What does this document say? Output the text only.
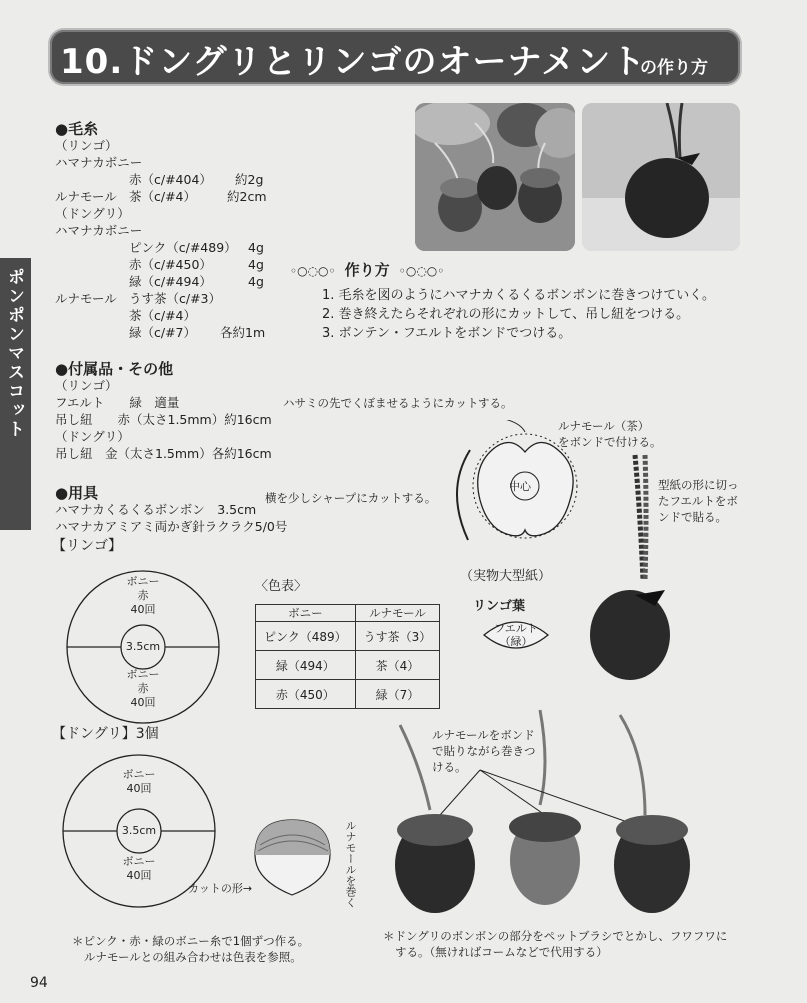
10.ドングリとリンゴのオーナメント
の作り方
ポンポンマスコット
●毛糸
（リンゴ）
ハマナカボニー
赤（c/#404） 約2g
ルナモール 茶（c/#4） 約2cm
（ドングリ）
ハマナカボニー
ピンク（c/#489） 4g
赤（c/#450）	4g
緑（c/#494）	4g
ルナモール うす茶（c/#3）
茶（c/#4）
緑（c/#7） 各約1m
●付属品・その他
（リンゴ）
フエルト　　緑　適量
吊し紐　　赤（太さ1.5mm）約16cm
（ドングリ）
吊し紐　金（太さ1.5mm）各約16cm
●用具
ハマナカくるくるボンボン　3.5cm
ハマナカアミアミ両かぎ針ラクラク5/0号
◦○◌○◦ 作り方 ◦○◌○◦
1. 毛糸を図のようにハマナカくるくるボンボンに巻きつけていく。
2. 巻き終えたらそれぞれの形にカットして、吊し紐をつける。
3. ボンテン・フエルトをボンドでつける。
中心
ハサミの先でくぼませるようにカットする。
横を少しシャープにカットする。
（実物大型紙）
リンゴ葉
フエルト
（緑）
ルナモール（茶）
をボンドで付ける。
型紙の形に切っ
たフエルトをボ
ンドで貼る。
【リンゴ】
ボニー
赤
40回
3.5cm
ボニー
赤
40回
〈色表〉
ボニー	ルナモール
ピンク（489）	うす茶（3）
緑（494）	茶（4）
赤（450）	緑（7）
【ドングリ】3個
ボニー
40回
3.5cm
ボニー
40回	ルナモールを巻く
カットの形→
ルナモールをボンド
で貼りながら巻きつ
ける。
＊ピンク・赤・緑のボニー糸で1個ずつ作る。
ルナモールとの組み合わせは色表を参照。
＊ドングリのボンボンの部分をペットブラシでとかし、フワフワに
する。（無ければコームなどで代用する）
94
